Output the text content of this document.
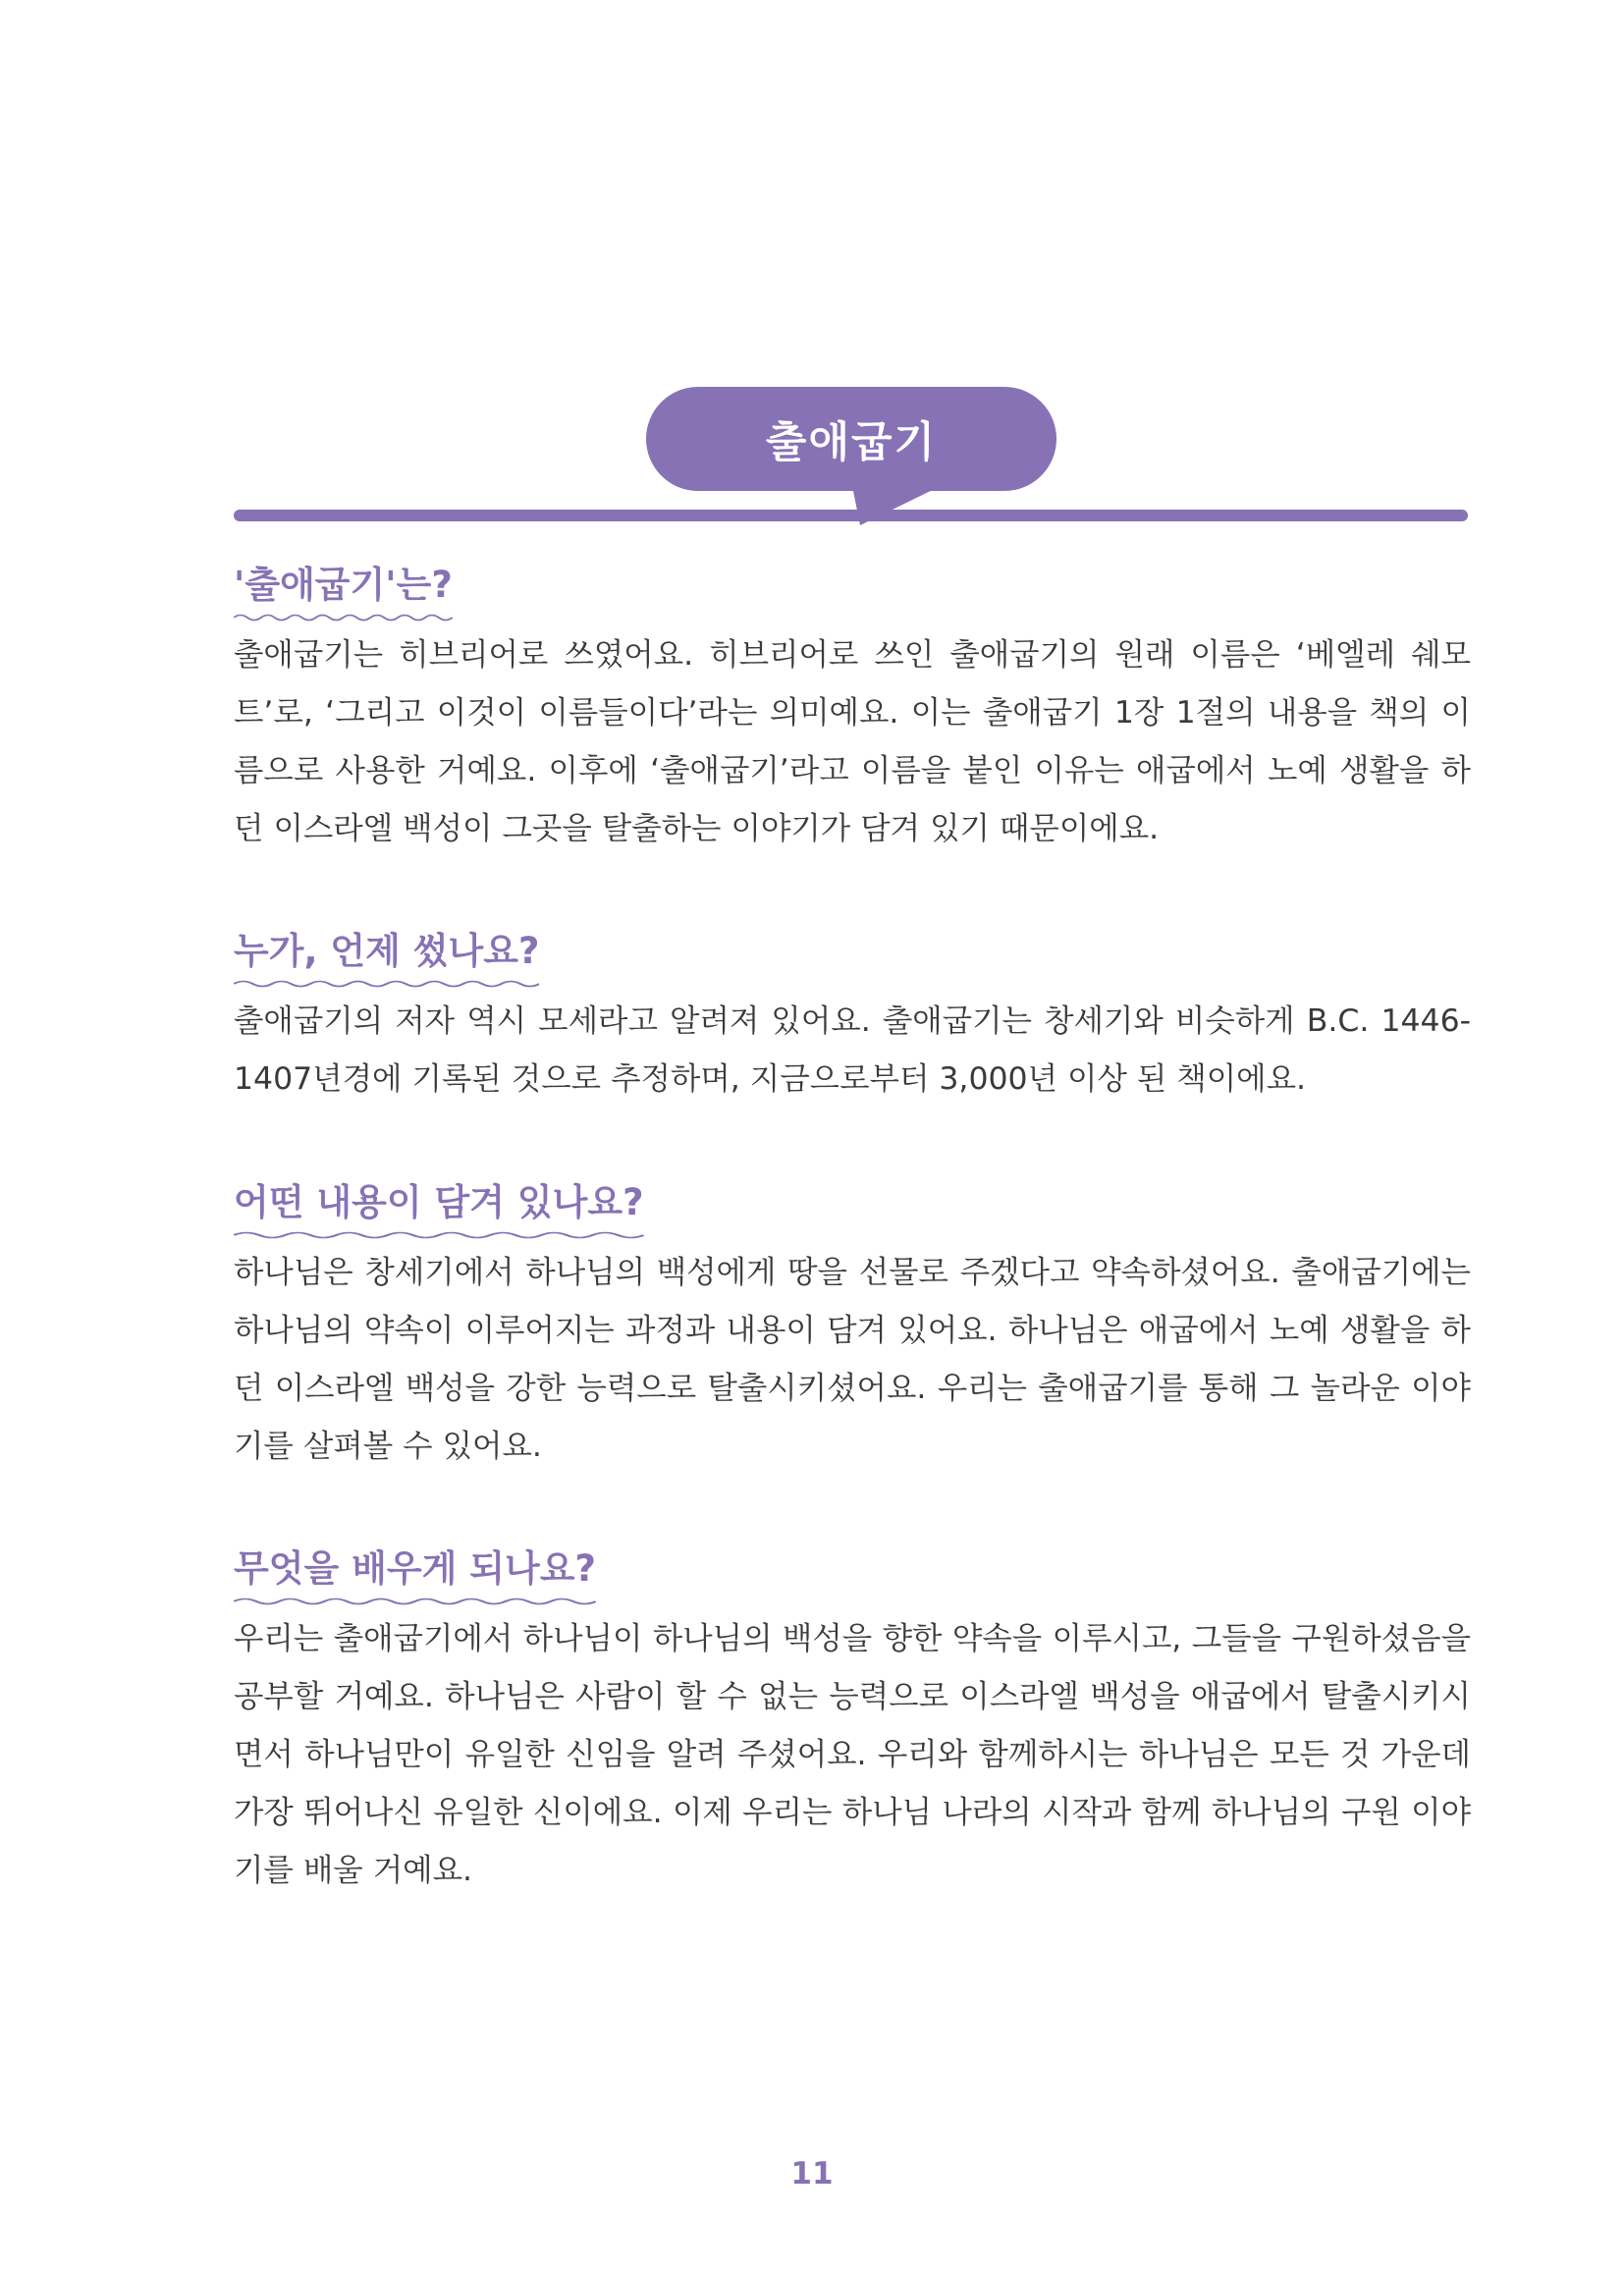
출애굽기
'출애굽기'는?

출애굽기는 히브리어로 쓰였어요. 히브리어로 쓰인 출애굽기의 원래 이름은 ‘베엘레 쉐모트’로, ‘그리고 이것이 이름들이다’라는 의미예요. 이는 출애굽기 1장 1절의 내용을 책의 이름으로 사용한 거예요. 이후에 ‘출애굽기’라고 이름을 붙인 이유는 애굽에서 노예 생활을 하던 이스라엘 백성이 그곳을 탈출하는 이야기가 담겨 있기 때문이에요.

누가, 언제 썼나요?

출애굽기의 저자 역시 모세라고 알려져 있어요. 출애굽기는 창세기와 비슷하게 B.C. 1446-1407년경에 기록된 것으로 추정하며, 지금으로부터 3,000년 이상 된 책이에요.

어떤 내용이 담겨 있나요?

하나님은 창세기에서 하나님의 백성에게 땅을 선물로 주겠다고 약속하셨어요. 출애굽기에는 하나님의 약속이 이루어지는 과정과 내용이 담겨 있어요. 하나님은 애굽에서 노예 생활을 하던 이스라엘 백성을 강한 능력으로 탈출시키셨어요. 우리는 출애굽기를 통해 그 놀라운 이야기를 살펴볼 수 있어요.

무엇을 배우게 되나요?

우리는 출애굽기에서 하나님이 하나님의 백성을 향한 약속을 이루시고, 그들을 구원하셨음을 공부할 거예요. 하나님은 사람이 할 수 없는 능력으로 이스라엘 백성을 애굽에서 탈출시키시면서 하나님만이 유일한 신임을 알려 주셨어요. 우리와 함께하시는 하나님은 모든 것 가운데 가장 뛰어나신 유일한 신이에요. 이제 우리는 하나님 나라의 시작과 함께 하나님의 구원 이야기를 배울 거예요.

11
